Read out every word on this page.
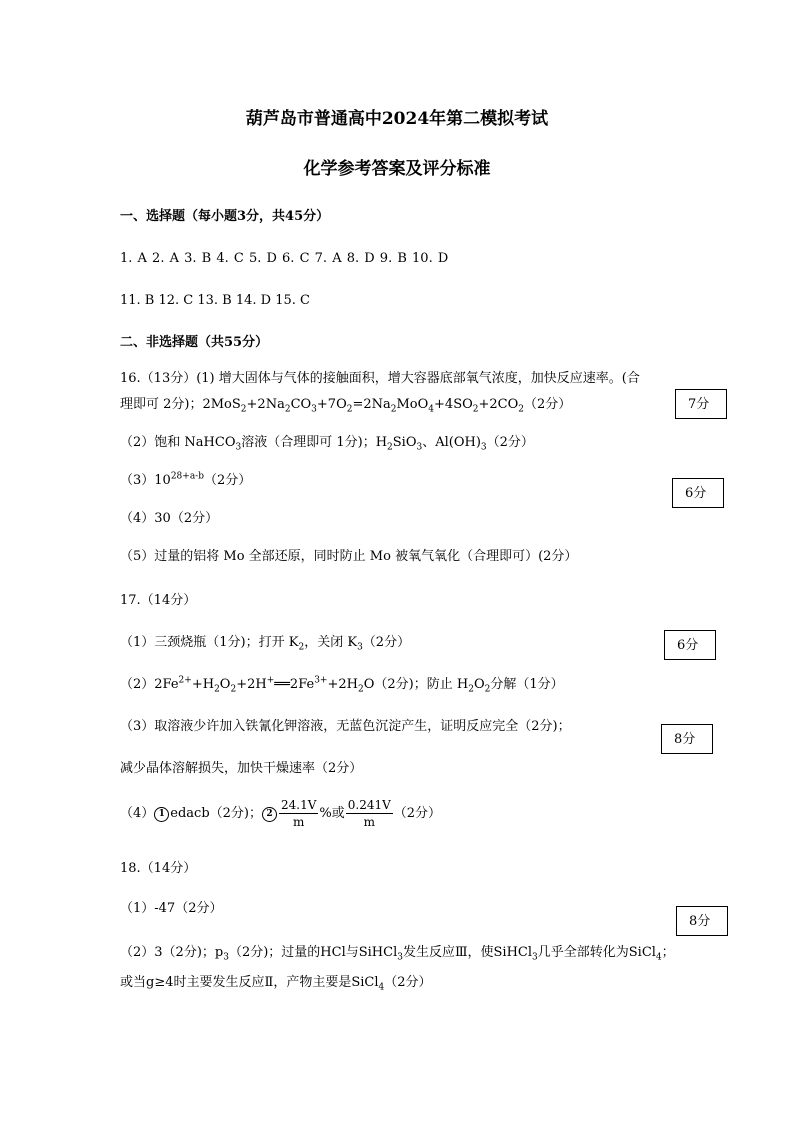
葫芦岛市普通高中2024年第二模拟考试
化学参考答案及评分标准
一、选择题（每小题3分，共45分）
1. A 2. A 3. B 4. C 5. D 6. C 7. A 8. D 9. B 10. D
11. B 12. C 13. B 14. D 15. C
二、非选择题（共55分）
16.（13分）(1) 增大固体与气体的接触面积，增大容器底部氧气浓度，加快反应速率。(合
理即可 2分)；$2MoS_2+2Na_2CO_3+7O_2=2Na_2MoO_4+4SO_2+2CO_2(2$分）	7分
（2）饱和 NaHCO$_3$溶液（合理即可 1分)；$H_2SiO_3$、$Al(OH)_3(2$分）
$(3)10^{28+a-b}(2$分）
6分
（4）30（2分）
（5）过量的铝将 Mo 全部还原，同时防止 Mo 被氧气氧化（合理即可）(2分）
17.（14分）
（1）三颈烧瓶（1分)；打开 $K_2$，关闭 $K_3(2$分）	6分
$(2)2Fe^{2+}+H_2O_2+2H^+══2Fe^{3+}+2H_2O(2$分)；防止 $H_2O_2$分解（1分）
（3）取溶液少许加入铁氰化钾溶液，无蓝色沉淀产生，证明反应完全（2分)；
8分
减少晶体溶解损失，加快干燥速率（2分）
（4） 1 edacb（2分)； $2 \frac{24.1V}{m}$ %或 $\frac{0.241V}{m} (2$分）
18.（14分）
（1）-47（2分）
8分
（2）3（2分)；$p_3(2$分)；过量的HCl与SiHCl$_3$发生反应Ⅲ，使SiHCl$_3$几乎全部转化为SiCl$_4$；
或当g≥4时主要发生反应Ⅱ，产物主要是SiCl$_4$（2分）
